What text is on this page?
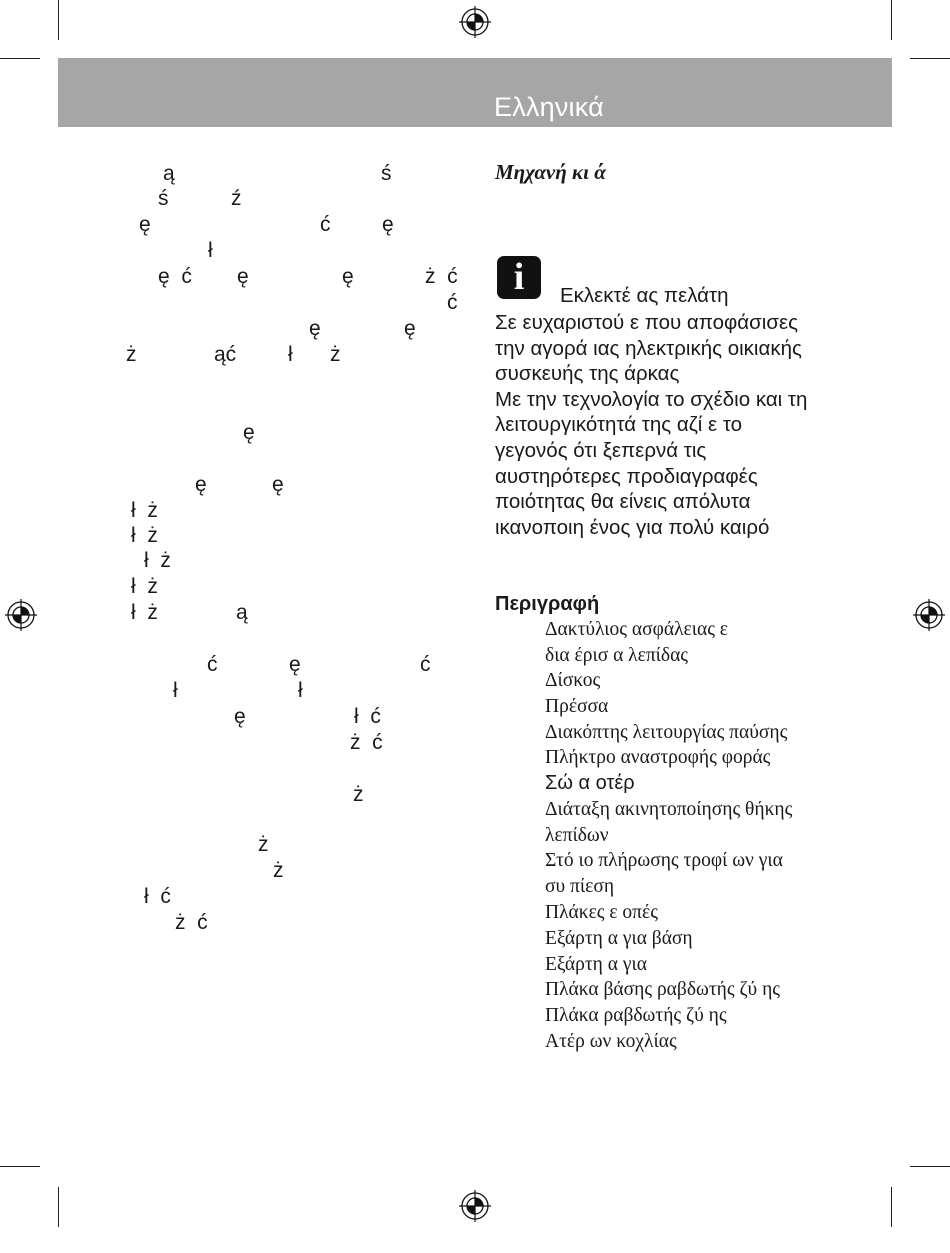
Ελληνικά
ą	ś
ś	ź
ę	ć ę
ł
ę  ć ę	ę	ż  ć
ć
ę	ę
ż	ąć ł ż
ę
ę	ę
ł  ż
ł  ż
ł  ż
ł  ż
ł  ż	ą
ć	ę	ć
ł	ł
ę	ł  ć
ż  ć
ż
ż
ż
ł  ć
ż  ć
Μηχανή κι ά
i	Εκλεκτέ ας πελάτη
Σε ευχαριστού ε που αποφάσισες
την αγορά ιας ηλεκτρικής οικιακής
συσκευής της άρκας
Με την τεχνολογία το σχέδιο και τη
λειτουργικότητά της αζί ε το
γεγονός ότι ξεπερνά τις
αυστηρότερες προδιαγραφές
ποιότητας θα είνεις απόλυτα
ικανοποιη ένος για πολύ καιρό
Περιγραφή
Δακτύλιος ασφάλειας ε
δια έρισ α λεπίδας
Δίσκος
Πρέσσα
Διακόπτης λειτουργίας παύσης
Πλήκτρο αναστροφής φοράς
Σώ α οτέρ
Διάταξη ακινητοποίησης θήκης
λεπίδων
Στό ιο πλήρωσης τροφί ων για
συ πίεση
Πλάκες ε οπές
Εξάρτη α για βάση
Εξάρτη α για
Πλάκα βάσης ραβδωτής ζύ ης
Πλάκα ραβδωτής ζύ ης
Ατέρ ων κοχλίας
